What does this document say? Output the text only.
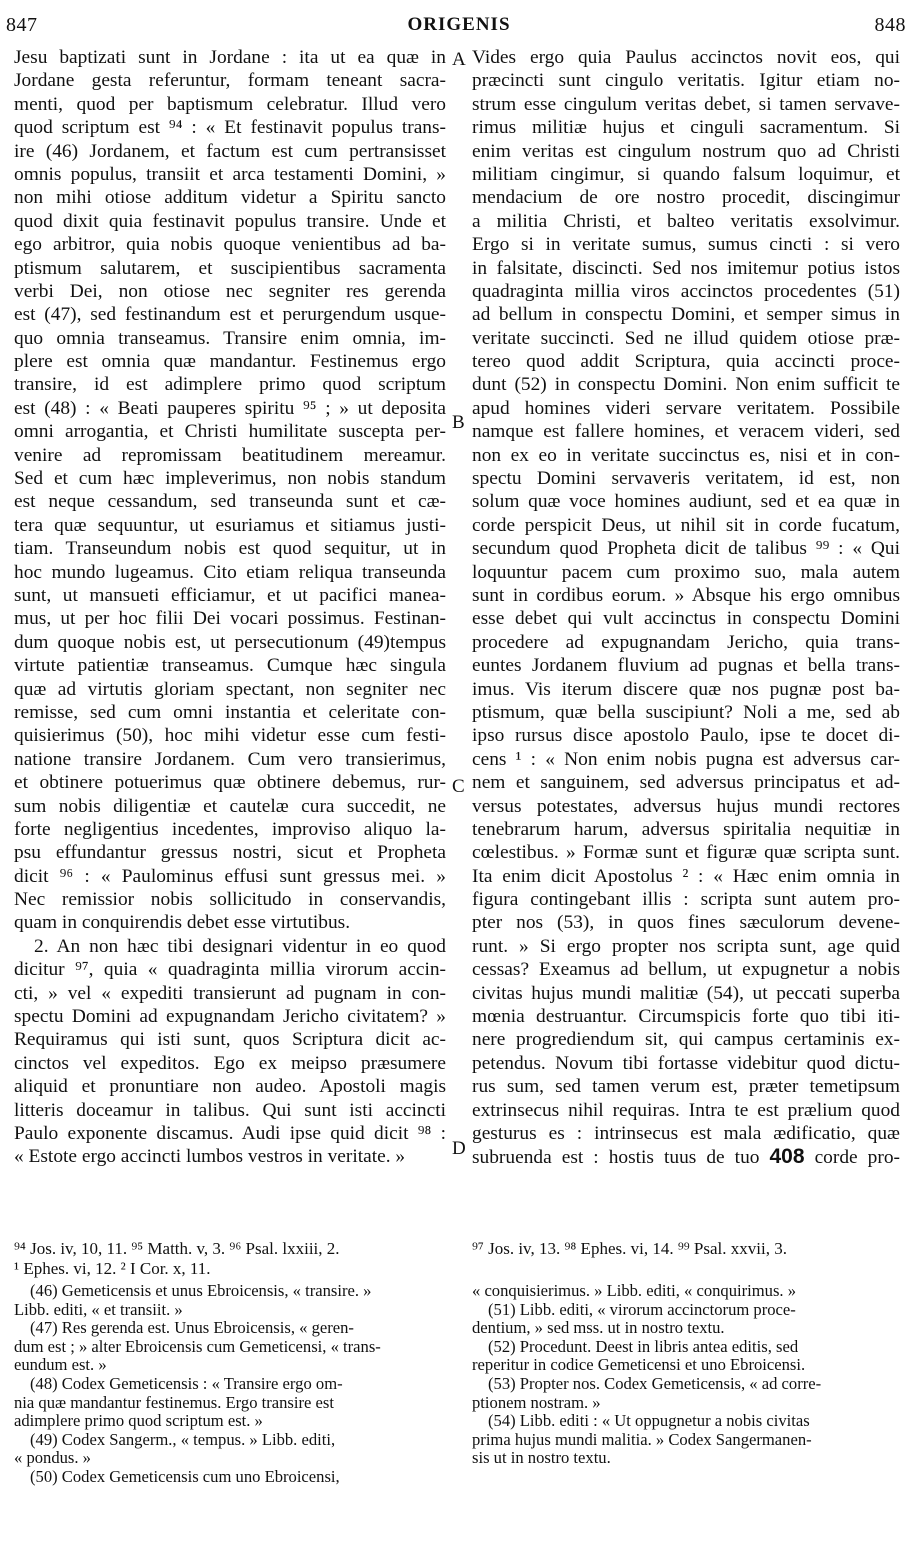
847	ORIGENIS	848
Jesu baptizati sunt in Jordane : ita ut ea quæ in
Jordane gesta referuntur, formam teneant sacra-
menti, quod per baptismum celebratur. Illud vero
quod scriptum est ⁹⁴ : « Et festinavit populus trans-
ire (46) Jordanem, et factum est cum pertransisset
omnis populus, transiit et arca testamenti Domini, »
non mihi otiose additum videtur a Spiritu sancto
quod dixit quia festinavit populus transire. Unde et
ego arbitror, quia nobis quoque venientibus ad ba-
ptismum salutarem, et suscipientibus sacramenta
verbi Dei, non otiose nec segniter res gerenda
est (47), sed festinandum est et perurgendum usque-
quo omnia transeamus. Transire enim omnia, im-
plere est omnia quæ mandantur. Festinemus ergo
transire, id est adimplere primo quod scriptum
est (48) : « Beati pauperes spiritu ⁹⁵ ; » ut deposita
omni arrogantia, et Christi humilitate suscepta per-
venire ad repromissam beatitudinem mereamur.
Sed et cum hæc impleverimus, non nobis standum
est neque cessandum, sed transeunda sunt et cæ-
tera quæ sequuntur, ut esuriamus et sitiamus justi-
tiam. Transeundum nobis est quod sequitur, ut in
hoc mundo lugeamus. Cito etiam reliqua transeunda
sunt, ut mansueti efficiamur, et ut pacifici manea-
mus, ut per hoc filii Dei vocari possimus. Festinan-
dum quoque nobis est, ut persecutionum (49)tempus
virtute patientiæ transeamus. Cumque hæc singula
quæ ad virtutis gloriam spectant, non segniter nec
remisse, sed cum omni instantia et celeritate con-
quisierimus (50), hoc mihi videtur esse cum festi-
natione transire Jordanem. Cum vero transierimus,
et obtinere potuerimus quæ obtinere debemus, rur-
sum nobis diligentiæ et cautelæ cura succedit, ne
forte negligentius incedentes, improviso aliquo la-
psu effundantur gressus nostri, sicut et Propheta
dicit ⁹⁶ : « Paulominus effusi sunt gressus mei. »
Nec remissior nobis sollicitudo in conservandis,
quam in conquirendis debet esse virtutibus.
2. An non hæc tibi designari videntur in eo quod
dicitur ⁹⁷, quia « quadraginta millia virorum accin-
cti, » vel « expediti transierunt ad pugnam in con-
spectu Domini ad expugnandam Jericho civitatem? »
Requiramus qui isti sunt, quos Scriptura dicit ac-
cinctos vel expeditos. Ego ex meipso præsumere
aliquid et pronuntiare non audeo. Apostoli magis
litteris doceamur in talibus. Qui sunt isti accincti
Paulo exponente discamus. Audi ipse quid dicit ⁹⁸ :
« Estote ergo accincti lumbos vestros in veritate. »
Vides ergo quia Paulus accinctos novit eos, qui
præcincti sunt cingulo veritatis. Igitur etiam no-
strum esse cingulum veritas debet, si tamen servave-
rimus militiæ hujus et cinguli sacramentum. Si
enim veritas est cingulum nostrum quo ad Christi
militiam cingimur, si quando falsum loquimur, et
mendacium de ore nostro procedit, discingimur
a militia Christi, et balteo veritatis exsolvimur.
Ergo si in veritate sumus, sumus cincti : si vero
in falsitate, discincti. Sed nos imitemur potius istos
quadraginta millia viros accinctos procedentes (51)
ad bellum in conspectu Domini, et semper simus in
veritate succincti. Sed ne illud quidem otiose præ-
tereo quod addit Scriptura, quia accincti proce-
dunt (52) in conspectu Domini. Non enim sufficit te
apud homines videri servare veritatem. Possibile
namque est fallere homines, et veracem videri, sed
non ex eo in veritate succinctus es, nisi et in con-
spectu Domini servaveris veritatem, id est, non
solum quæ voce homines audiunt, sed et ea quæ in
corde perspicit Deus, ut nihil sit in corde fucatum,
secundum quod Propheta dicit de talibus ⁹⁹ : « Qui
loquuntur pacem cum proximo suo, mala autem
sunt in cordibus eorum. » Absque his ergo omnibus
esse debet qui vult accinctus in conspectu Domini
procedere ad expugnandam Jericho, quia trans-
euntes Jordanem fluvium ad pugnas et bella trans-
imus. Vis iterum discere quæ nos pugnæ post ba-
ptismum, quæ bella suscipiunt? Noli a me, sed ab
ipso rursus disce apostolo Paulo, ipse te docet di-
cens ¹ : « Non enim nobis pugna est adversus car-
nem et sanguinem, sed adversus principatus et ad-
versus potestates, adversus hujus mundi rectores
tenebrarum harum, adversus spiritalia nequitiæ in
cœlestibus. » Formæ sunt et figuræ quæ scripta sunt.
Ita enim dicit Apostolus ² : « Hæc enim omnia in
figura contingebant illis : scripta sunt autem pro-
pter nos (53), in quos fines sæculorum devene-
runt. » Si ergo propter nos scripta sunt, age quid
cessas? Exeamus ad bellum, ut expugnetur a nobis
civitas hujus mundi malitiæ (54), ut peccati superba
mœnia destruantur. Circumspicis forte quo tibi iti-
nere progrediendum sit, qui campus certaminis ex-
petendus. Novum tibi fortasse videbitur quod dictu-
rus sum, sed tamen verum est, præter temetipsum
extrinsecus nihil requiras. Intra te est prælium quod
gesturus es : intrinsecus est mala ædificatio, quæ
subruenda est : hostis tuus de tuo 408 corde pro-
A
B
C
D
⁹⁴ Jos. iv, 10, 11. ⁹⁵ Matth. v, 3. ⁹⁶ Psal. lxxiii, 2.	⁹⁷ Jos. iv, 13. ⁹⁸ Ephes. vi, 14. ⁹⁹ Psal. xxvii, 3.
¹ Ephes. vi, 12. ² I Cor. x, 11.
(46) Gemeticensis et unus Ebroicensis, « transire. »
Libb. editi, « et transiit. »
(47) Res gerenda est. Unus Ebroicensis, « geren-
dum est ; » alter Ebroicensis cum Gemeticensi, « trans-
eundum est. »
(48) Codex Gemeticensis : « Transire ergo om-
nia quæ mandantur festinemus. Ergo transire est
adimplere primo quod scriptum est. »
(49) Codex Sangerm., « tempus. » Libb. editi,
« pondus. »
(50) Codex Gemeticensis cum uno Ebroicensi,
« conquisierimus. » Libb. editi, « conquirimus. »
(51) Libb. editi, « virorum accinctorum proce-
dentium, » sed mss. ut in nostro textu.
(52) Procedunt. Deest in libris antea editis, sed
reperitur in codice Gemeticensi et uno Ebroicensi.
(53) Propter nos. Codex Gemeticensis, « ad corre-
ptionem nostram. »
(54) Libb. editi : « Ut oppugnetur a nobis civitas
prima hujus mundi malitia. » Codex Sangermanen-
sis ut in nostro textu.
